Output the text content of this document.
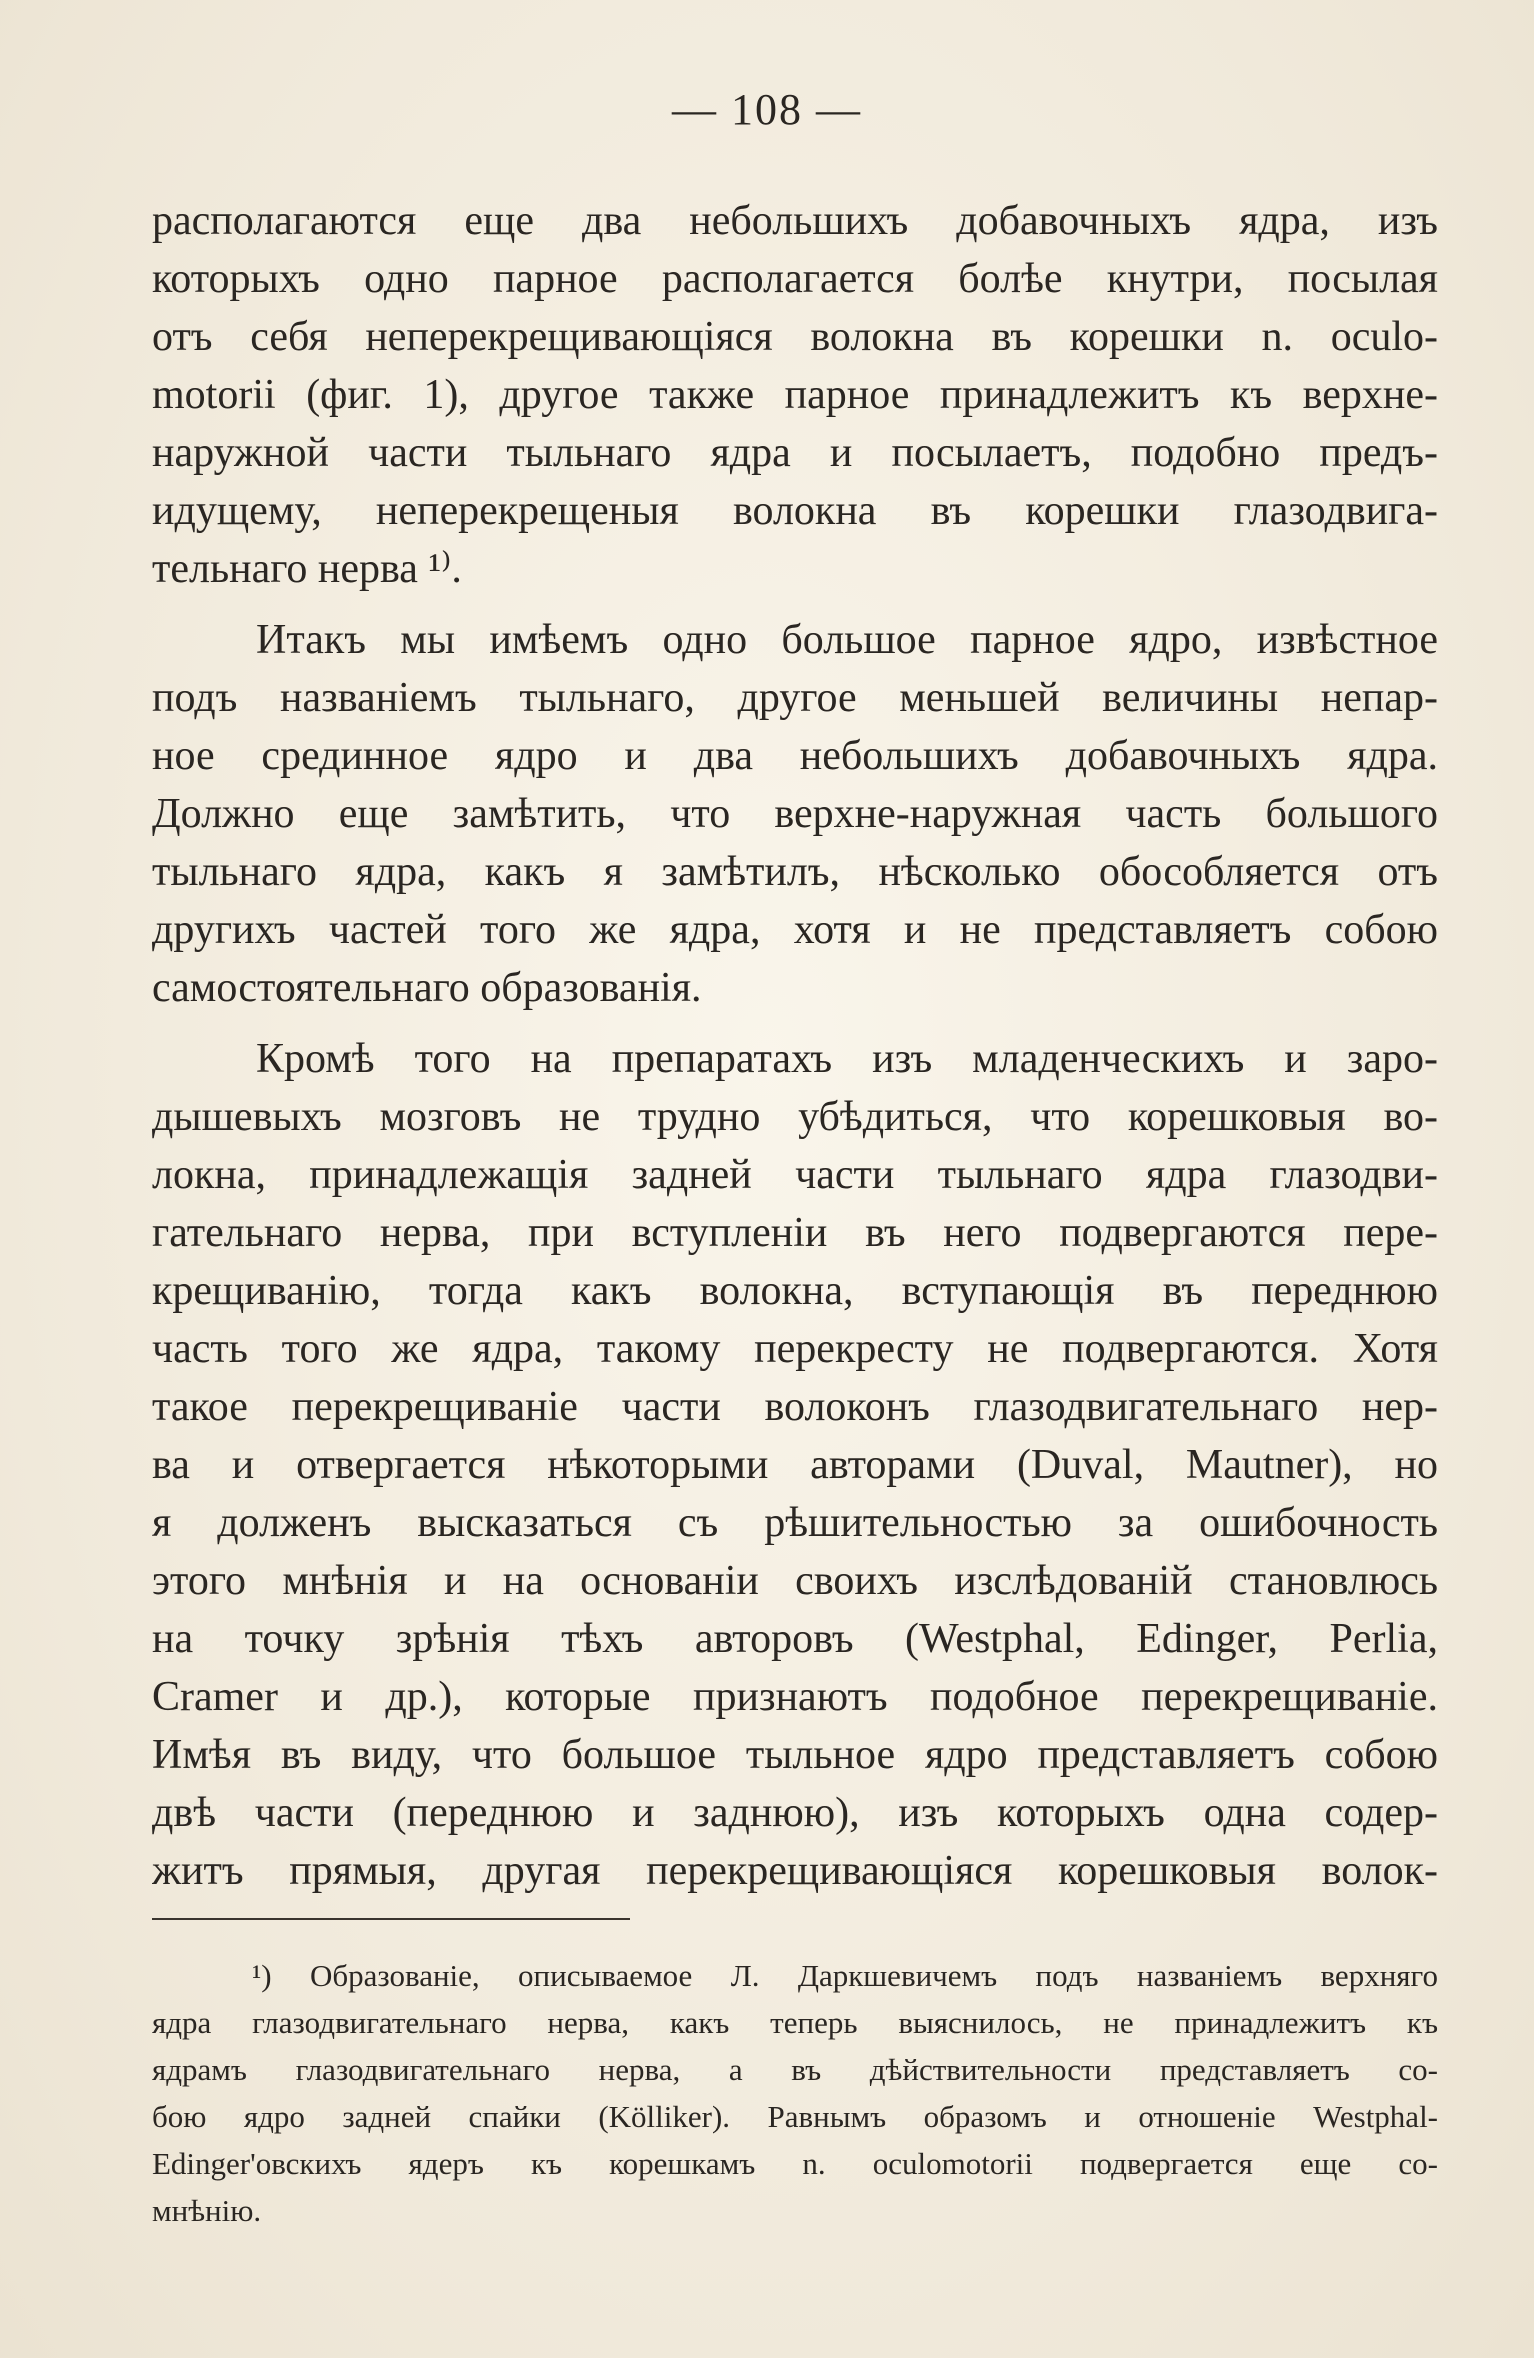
— 108 —
располагаются еще два небольшихъ добавочныхъ ядра, изъ
которыхъ одно парное располагается болѣе кнутри, посылая
отъ себя неперекрещивающіяся волокна въ корешки n. oculo-
motorii (фиг. 1), другое также парное принадлежитъ къ верхне-
наружной части тыльнаго ядра и посылаетъ, подобно предъ-
идущему, неперекрещеныя волокна въ корешки глазодвига-
тельнаго нерва ¹⁾.
Итакъ мы имѣемъ одно большое парное ядро, извѣстное
подъ названіемъ тыльнаго, другое меньшей величины непар-
ное срединное ядро и два небольшихъ добавочныхъ ядра.
Должно еще замѣтить, что верхне-наружная часть большого
тыльнаго ядра, какъ я замѣтилъ, нѣсколько обособляется отъ
другихъ частей того же ядра, хотя и не представляетъ собою
самостоятельнаго образованія.
Кромѣ того на препаратахъ изъ младенческихъ и заро-
дышевыхъ мозговъ не трудно убѣдиться, что корешковыя во-
локна, принадлежащія задней части тыльнаго ядра глазодви-
гательнаго нерва, при вступленіи въ него подвергаются пере-
крещиванію, тогда какъ волокна, вступающія въ переднюю
часть того же ядра, такому перекресту не подвергаются. Хотя
такое перекрещиваніе части волоконъ глазодвигательнаго нер-
ва и отвергается нѣкоторыми авторами (Duval, Mautner), но
я долженъ высказаться съ рѣшительностью за ошибочность
этого мнѣнія и на основаніи своихъ изслѣдованій становлюсь
на точку зрѣнія тѣхъ авторовъ (Westphal, Edinger, Perlia,
Cramer и др.), которые признаютъ подобное перекрещиваніе.
Имѣя въ виду, что большое тыльное ядро представляетъ собою
двѣ части (переднюю и заднюю), изъ которыхъ одна содер-
житъ прямыя, другая перекрещивающіяся корешковыя волок-
¹) Образованіе, описываемое Л. Даркшевичемъ подъ названіемъ верхняго
ядра глазодвигательнаго нерва, какъ теперь выяснилось, не принадлежитъ къ
ядрамъ глазодвигательнаго нерва, а въ дѣйствительности представляетъ со-
бою ядро задней спайки (Kölliker). Равнымъ образомъ и отношеніе Westphal-
Edinger'овскихъ ядеръ къ корешкамъ n. oculomotorii подвергается еще со-
мнѣнію.
